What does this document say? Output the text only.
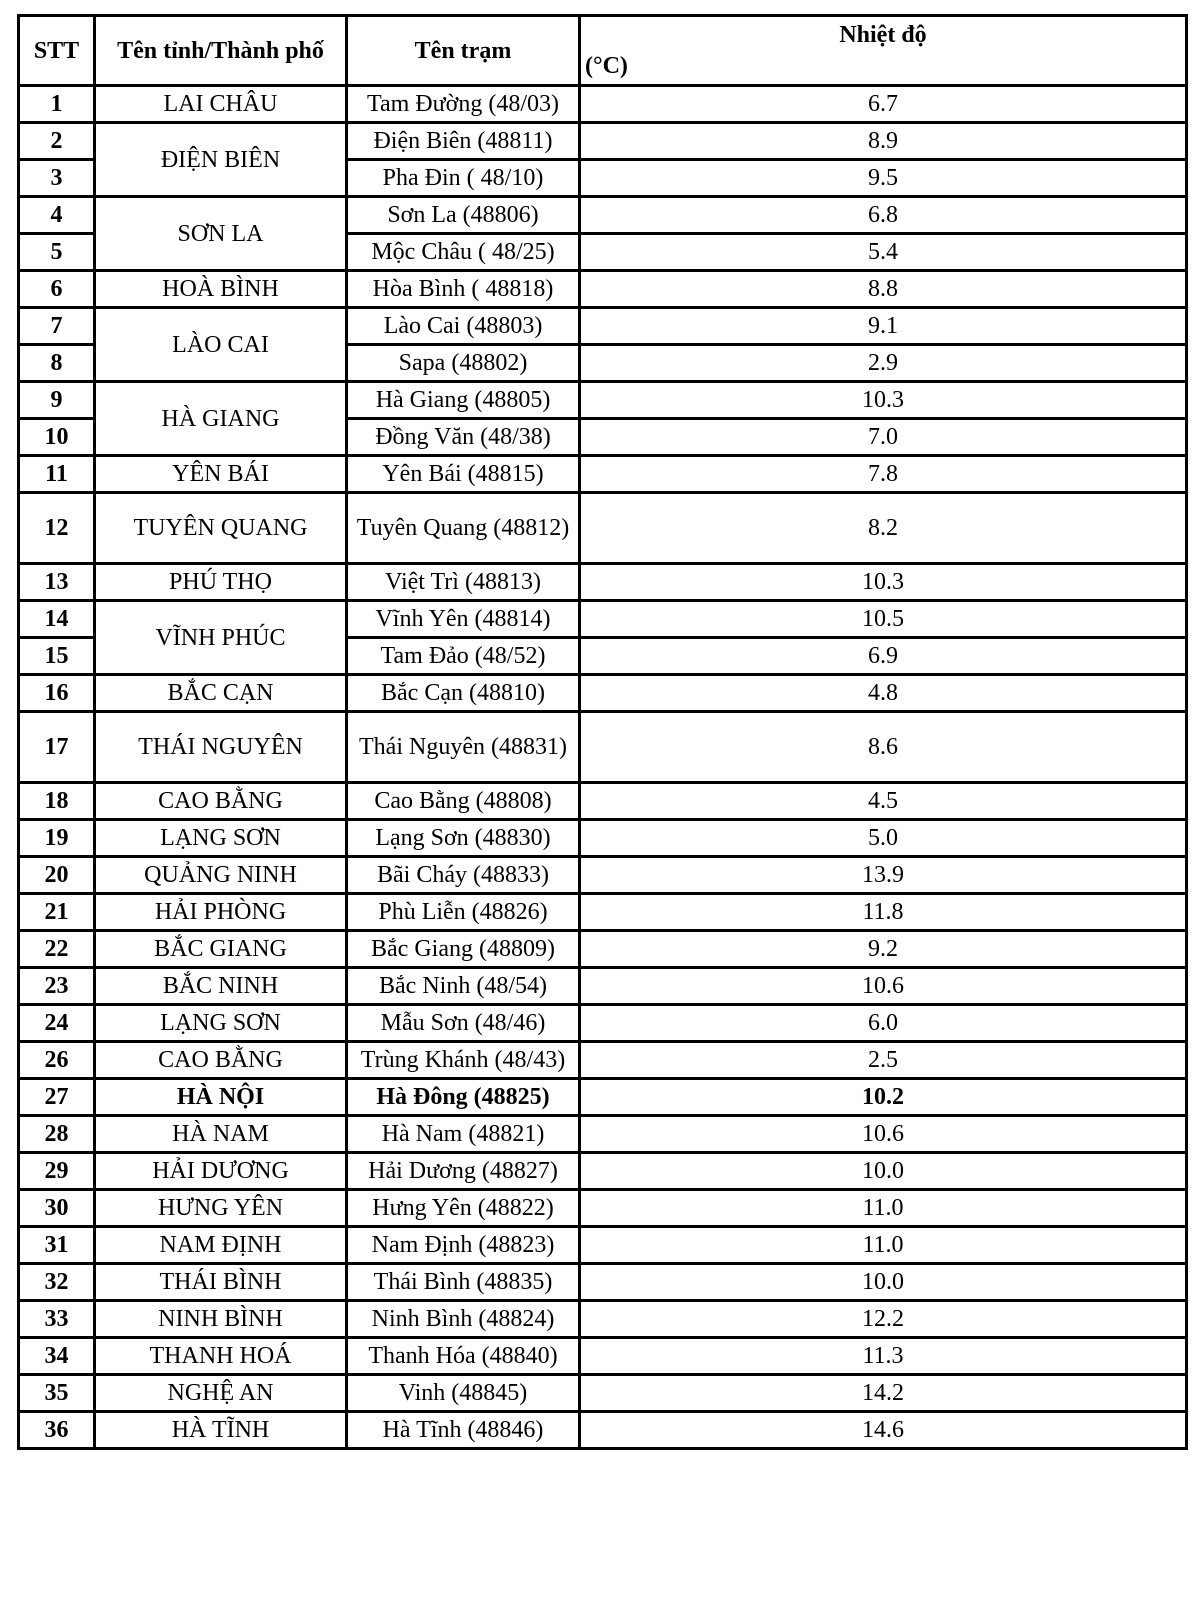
STT	Tên tỉnh/Thành phố	Tên trạm	Nhiệt độ
(°C)

1	LAI CHÂU	Tam Đường (48/03)	6.7
2	ĐIỆN BIÊN	Điện Biên (48811)	8.9
3		Pha Đin ( 48/10)	9.5
4	SƠN LA	Sơn La (48806)	6.8
5		Mộc Châu ( 48/25)	5.4
6	HOÀ BÌNH	Hòa Bình ( 48818)	8.8
7	LÀO CAI	Lào Cai (48803)	9.1
8		Sapa (48802)	2.9
9	HÀ GIANG	Hà Giang (48805)	10.3
10		Đồng Văn (48/38)	7.0
11	YÊN BÁI	Yên Bái (48815)	7.8
12	TUYÊN QUANG	Tuyên Quang (48812)	8.2
13	PHÚ THỌ	Việt Trì (48813)	10.3
14	VĨNH PHÚC	Vĩnh Yên (48814)	10.5
15		Tam Đảo (48/52)	6.9
16	BẮC CẠN	Bắc Cạn (48810)	4.8
17	THÁI NGUYÊN	Thái Nguyên (48831)	8.6
18	CAO BẰNG	Cao Bằng (48808)	4.5
19	LẠNG SƠN	Lạng Sơn (48830)	5.0
20	QUẢNG NINH	Bãi Cháy (48833)	13.9
21	HẢI PHÒNG	Phù Liễn (48826)	11.8
22	BẮC GIANG	Bắc Giang (48809)	9.2
23	BẮC NINH	Bắc Ninh (48/54)	10.6
24	LẠNG SƠN	Mẫu Sơn (48/46)	6.0
26	CAO BẰNG	Trùng Khánh (48/43)	2.5
27	HÀ NỘI	Hà Đông (48825)	10.2
28	HÀ NAM	Hà Nam (48821)	10.6
29	HẢI DƯƠNG	Hải Dương (48827)	10.0
30	HƯNG YÊN	Hưng Yên (48822)	11.0
31	NAM ĐỊNH	Nam Định (48823)	11.0
32	THÁI BÌNH	Thái Bình (48835)	10.0
33	NINH BÌNH	Ninh Bình (48824)	12.2
34	THANH HOÁ	Thanh Hóa (48840)	11.3
35	NGHỆ AN	Vinh (48845)	14.2
36	HÀ TĨNH	Hà Tĩnh (48846)	14.6
